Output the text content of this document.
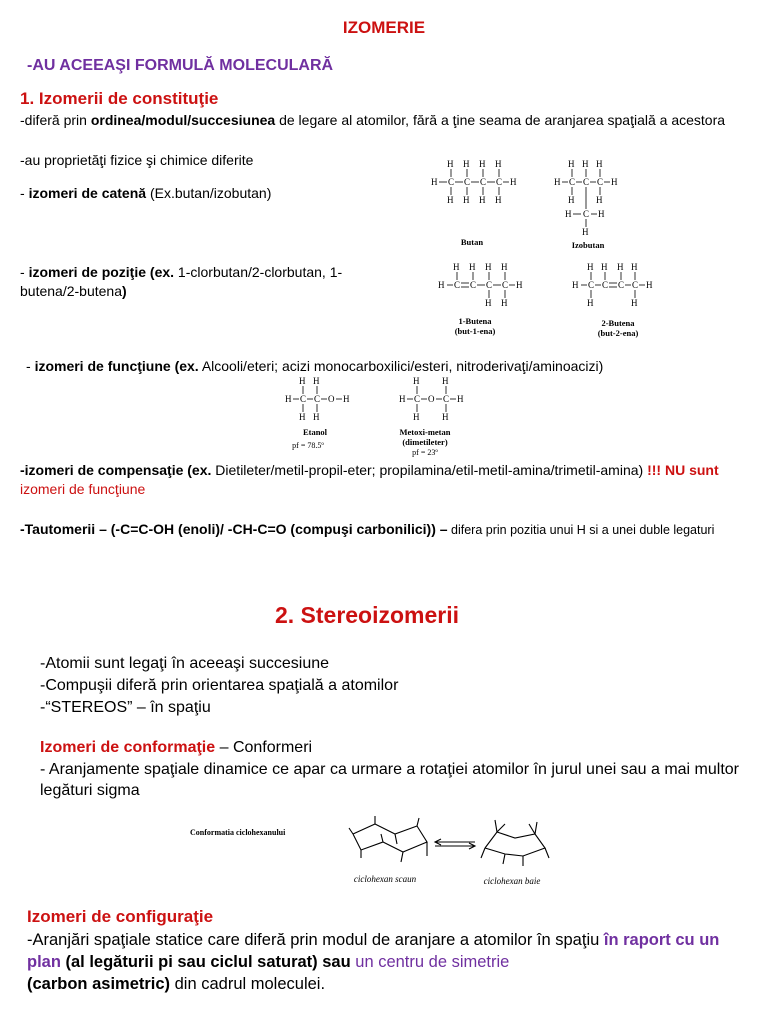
IZOMERIE
-AU ACEEAŞI FORMULĂ MOLECULARĂ
1. Izomerii de constituţie
-diferă prin ordinea/modul/succesiunea de legare al atomilor, fără a ţine seama de aranjarea spaţială a acestora
-au proprietăţi fizice şi chimice diferite
- izomeri de catenă (Ex.butan/izobutan)
- izomeri de poziţie (ex. 1-clorbutan/2-clorbutan, 1-butena/2-butena)
- izomeri de funcţiune (ex. Alcooli/eteri; acizi monocarboxilici/esteri, nitroderivaţi/aminoacizi)
-izomeri de compensaţie (ex. Dietileter/metil-propil-eter; propilamina/etil-metil-amina/trimetil-amina) !!! NU sunt izomeri de funcţiune
-Tautomerii – (-C=C-OH (enoli)/ -CH-C=O (compuşi carbonilici)) – difera prin pozitia unui H si a unei duble legaturi
H H H H
H C C C C H
H H H H
H H H
H C C C H
H H
H C H
H
Butan	Izobutan
H H H H
H C C C C H
H H
H H H H
H C C C C H
H	H
1-Butena
(but-1-ena)
2-Butena
(but-2-ena)
H H
H C C O H
H H
H	H
H C O C H
H	H
Etanol
pf = 78.5º
Metoxi-metan
(dimetileter)
pf = 23º
2. Stereoizomerii
-Atomii sunt legaţi în aceeaşi succesiune
-Compuşii diferă prin orientarea spaţială a atomilor
-“STEREOS” – în spaţiu
Izomeri de conformaţie – Conformeri
- Aranjamente spaţiale dinamice ce apar ca urmare a rotaţiei atomilor în jurul unei sau a mai multor legături sigma
Conformatia ciclohexanului
ciclohexan scaun	ciclohexan baie
Izomeri de configuraţie
-Aranjări spaţiale statice care diferă prin modul de aranjare a atomilor în spaţiu în raport cu un plan (al legăturii pi sau ciclul saturat) sau un centru de simetrie
(carbon asimetric) din cadrul moleculei.
